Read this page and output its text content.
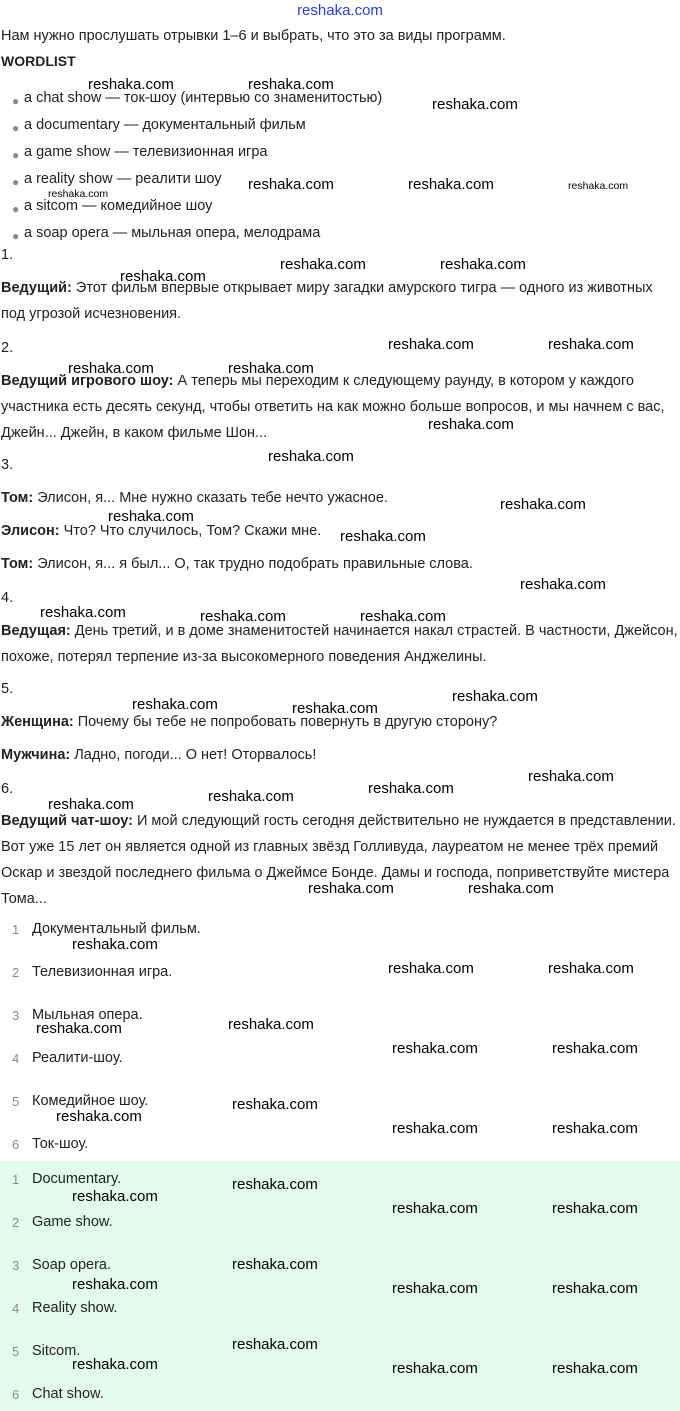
reshaka.com
Нам нужно прослушать отрывки 1–6 и выбрать, что это за виды программ.
WORDLIST
● a chat show — ток-шоу (интервью со знаменитостью)
● a documentary — документальный фильм
● a game show — телевизионная игра
● a reality show — реалити шоу
● a sitcom — комедийное шоу
● a soap opera — мыльная опера, мелодрама
1.
Ведущий: Этот фильм впервые открывает миру загадки амурского тигра — одного из животных под угрозой исчезновения.
2.
Ведущий игрового шоу: А теперь мы переходим к следующему раунду, в котором у каждого участника есть десять секунд, чтобы ответить на как можно больше вопросов, и мы начнем с вас, Джейн... Джейн, в каком фильме Шон...
3.
Том: Элисон, я... Мне нужно сказать тебе нечто ужасное.
Элисон: Что? Что случилось, Том? Скажи мне.
Том: Элисон, я... я был... О, так трудно подобрать правильные слова.
4.
Ведущая: День третий, и в доме знаменитостей начинается накал страстей. В частности, Джейсон, похоже, потерял терпение из-за высокомерного поведения Анджелины.
5.
Женщина: Почему бы тебе не попробовать повернуть в другую сторону?
Мужчина: Ладно, погоди... О нет! Оторвалось!
6.
Ведущий чат-шоу: И мой следующий гость сегодня действительно не нуждается в представлении. Вот уже 15 лет он является одной из главных звёзд Голливуда, лауреатом не менее трёх премий Оскар и звездой последнего фильма о Джеймсе Бонде. Дамы и господа, поприветствуйте мистера Тома...
1 Документальный фильм.
2 Телевизионная игра.
3 Мыльная опера.
4 Реалити-шоу.
5 Комедийное шоу.
6 Ток-шоу.
1 Documentary.
2 Game show.
3 Soap opera.
4 Reality show.
5 Sitcom.
6 Chat show.
reshaka.com	reshaka.com
reshaka.com
reshaka.com	reshaka.com	reshaka.com
reshaka.com
reshaka.com
reshaka.com	reshaka.com
reshaka.com	reshaka.com
reshaka.com	reshaka.com
reshaka.com
reshaka.com
reshaka.com
reshaka.com
reshaka.com
reshaka.com
reshaka.com	reshaka.com	reshaka.com
reshaka.com
reshaka.com	reshaka.com
reshaka.com
reshaka.com
reshaka.com
reshaka.com
reshaka.com	reshaka.com
reshaka.com
reshaka.com	reshaka.com
reshaka.com
reshaka.com
reshaka.com	reshaka.com
reshaka.com
reshaka.com
reshaka.com	reshaka.com
reshaka.com
reshaka.com
reshaka.com	reshaka.com
reshaka.com
reshaka.com	reshaka.com	reshaka.com
reshaka.com
reshaka.com	reshaka.com	reshaka.com
